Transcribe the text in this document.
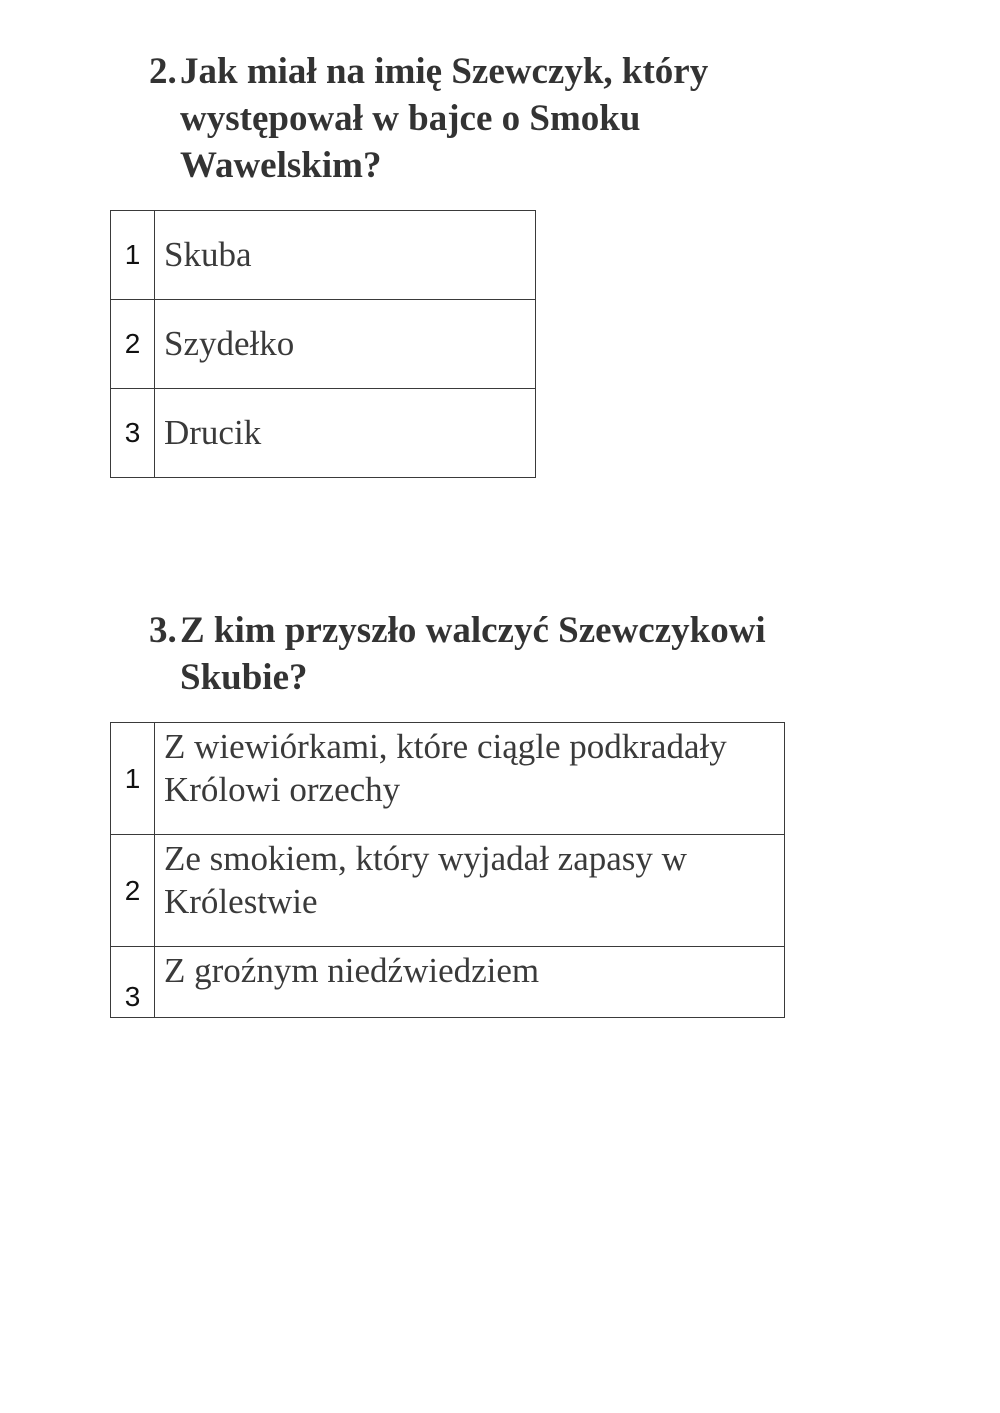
2.Jak miał na imię Szewczyk, który
występował w bajce o Smoku
Wawelskim?
1	Skuba
2	Szydełko
3	Drucik
3.Z kim przyszło walczyć Szewczykowi
Skubie?
1	Z wiewiórkami, które ciągle podkradały
Królowi orzechy

2	Ze smokiem, który wyjadał zapasy w
Królestwie

3	Z groźnym niedźwiedziem
